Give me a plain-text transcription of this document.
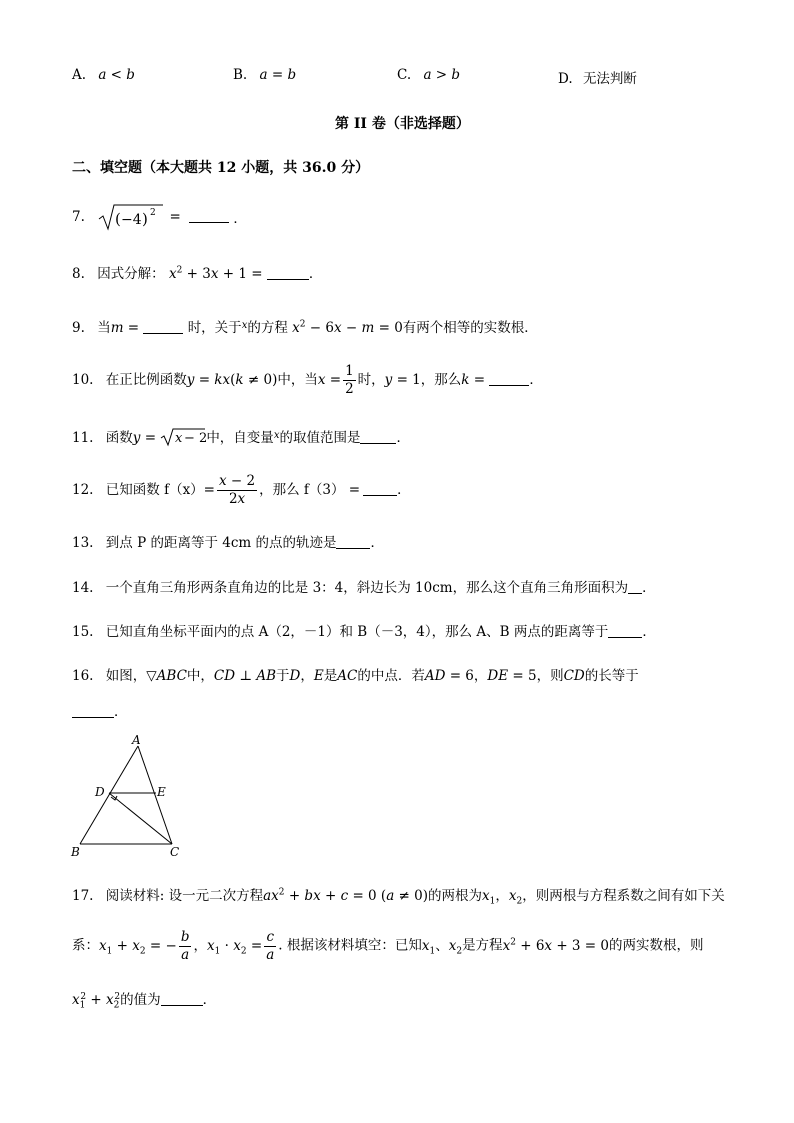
A. a < b	B. a = b	C. a > b	D. 无法判断
第 II 卷（非选择题）
二、填空题（本大题共 12 小题，共 36.0 分）
7. ( −4 ) 2 =	．
8. 因式分解： $x^2 + 3x + 1$ =	．
9. 当m =	时，关于$^x$的方程 $x^2 - 6x - m = 0$有两个相等的实数根．
10. 在正比例函数y = kx(k ≠ 0)中，当$x = \frac{1}{2}$ 时，y = 1，那么k =	．
11. 函数y = x − 2
中，自变量$^x$的取值范围是	．
12. 已知函数 $f(x)= \frac{x - 2}{2x}$ ，那么 f（3） =	．
13. 到点 P 的距离等于 4cm 的点的轨迹是	．
14. 一个直角三角形两条直角边的比是 3：4，斜边长为 10cm，那么这个直角三角形面积为 ．
15. 已知直角坐标平面内的点 A（2，－1）和 B（－3，4），那么 A、B 两点的距离等于	．
16. 如图，▽ABC中，CD ⊥ AB于D，E是AC的中点．若AD = 6，DE = 5，则CD的长等于
．
A
D	E
B	C
17. 阅读材料: 设一元二次方程$ax^2$ + bx + c = 0 (a ≠ 0)的两根为$x_1$，$x_2$，则两根与方程系数之间有如下关
系：$x_1 + x_2$ = − $\frac{b}{a}$ ，$x_1 \cdot x_2 = \frac{c}{a}$ . 根据该材料填空：已知$x_1$、$x_2$是方程$x^2 + 6x + 3 = 0$的两实数根，则
$x_1^2 + x_2^2$的值为	．
